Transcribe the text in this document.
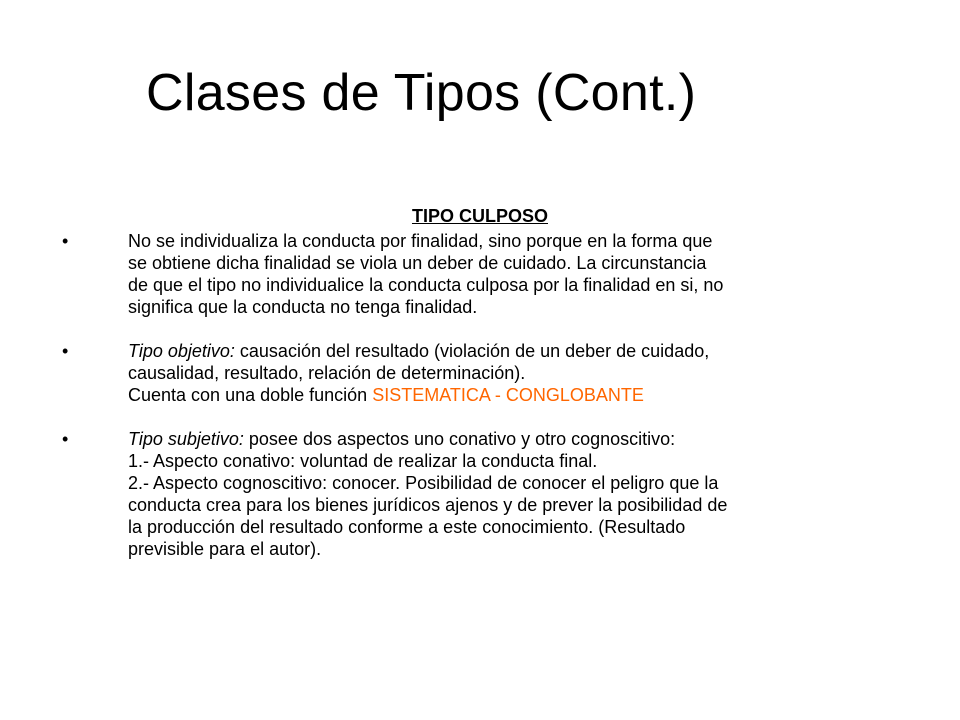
Clases de Tipos (Cont.)
TIPO CULPOSO
•	No se individualiza la conducta por finalidad, sino porque en la forma que
se obtiene dicha finalidad se viola un deber de cuidado. La circunstancia
de que el tipo no individualice la conducta culposa por la finalidad en si, no
significa que la conducta no tenga finalidad.
•	Tipo objetivo: causación del resultado (violación de un deber de cuidado,
causalidad, resultado, relación de determinación).
Cuenta con una doble función SISTEMATICA - CONGLOBANTE
•	Tipo subjetivo: posee dos aspectos uno conativo y otro cognoscitivo:
1.- Aspecto conativo: voluntad de realizar la conducta final.
2.- Aspecto cognoscitivo: conocer. Posibilidad de conocer el peligro que la
conducta crea para los bienes jurídicos ajenos y de prever la posibilidad de
la producción del resultado conforme a este conocimiento. (Resultado
previsible para el autor).
